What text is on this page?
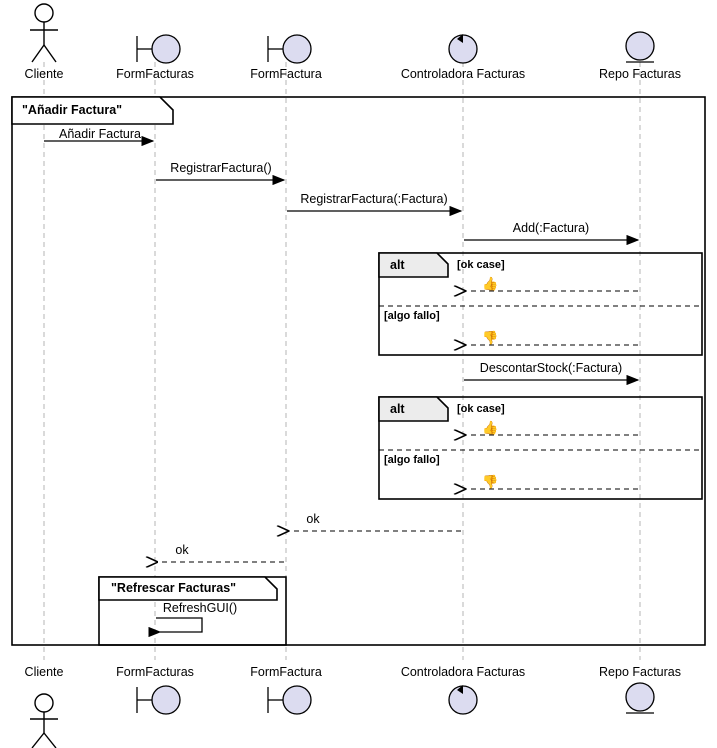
Cliente	FormFacturas	FormFactura	Controladora Facturas	Repo Facturas
Cliente	FormFacturas	FormFactura	Controladora Facturas	Repo Facturas
"Añadir Factura"
alt
alt
"Refrescar Facturas"
[ok case]
[algo fallo]
[ok case]
[algo fallo]
Añadir Factura
RegistrarFactura()
RegistrarFactura(:Factura)
Add(:Factura)
DescontarStock(:Factura)
ok
ok
RefreshGUI()
👍
👎
👍
👎
